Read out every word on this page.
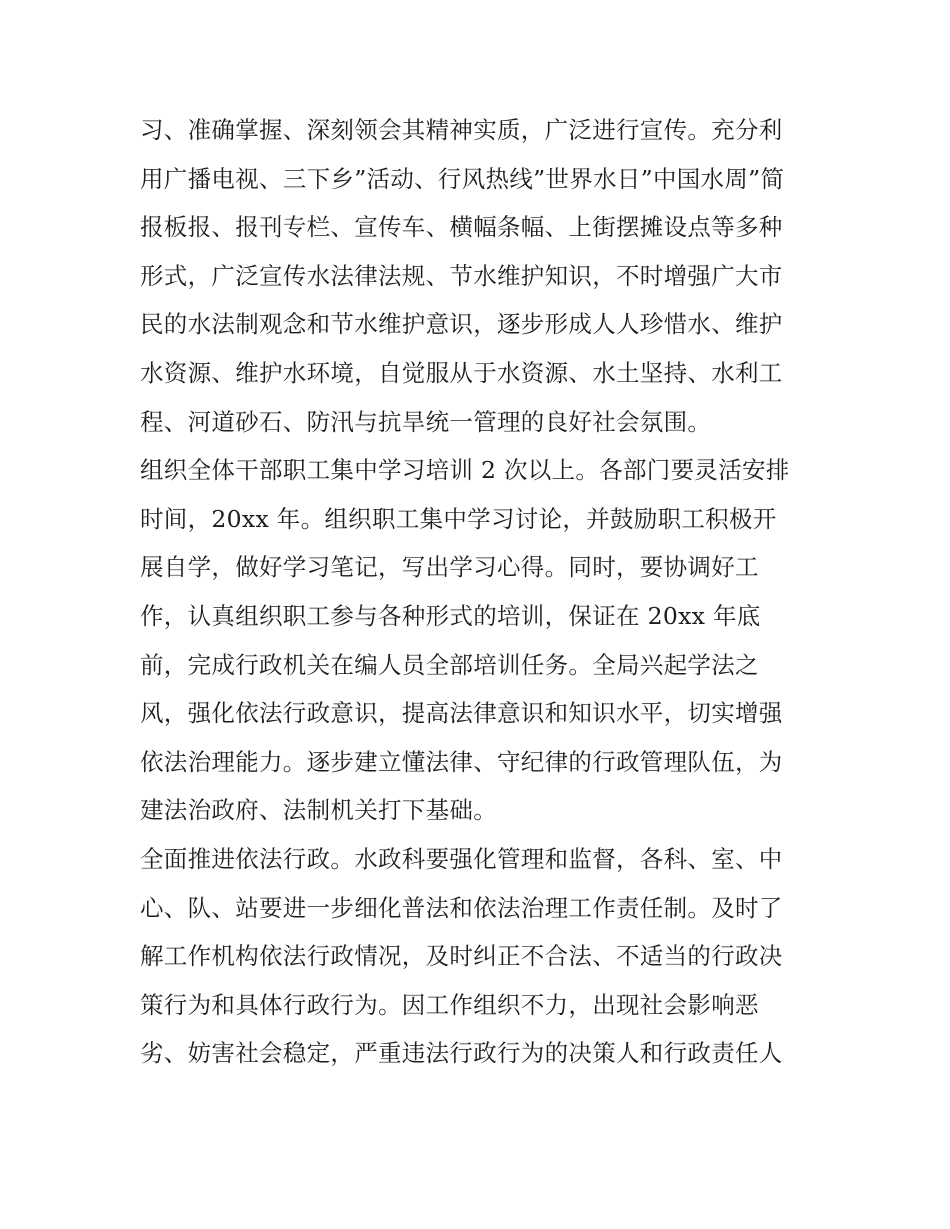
习、准确掌握、深刻领会其精神实质，广泛进行宣传。充分利
用广播电视、三下乡”活动、行风热线”世界水日”中国水周”简
报板报、报刊专栏、宣传车、横幅条幅、上街摆摊设点等多种
形式，广泛宣传水法律法规、节水维护知识，不时增强广大市
民的水法制观念和节水维护意识，逐步形成人人珍惜水、维护
水资源、维护水环境，自觉服从于水资源、水土坚持、水利工
程、河道砂石、防汛与抗旱统一管理的良好社会氛围。
组织全体干部职工集中学习培训 2 次以上。各部门要灵活安排
时间，20xx 年。组织职工集中学习讨论，并鼓励职工积极开
展自学，做好学习笔记，写出学习心得。同时，要协调好工
作，认真组织职工参与各种形式的培训，保证在 20xx 年底
前，完成行政机关在编人员全部培训任务。全局兴起学法之
风，强化依法行政意识，提高法律意识和知识水平，切实增强
依法治理能力。逐步建立懂法律、守纪律的行政管理队伍，为
建法治政府、法制机关打下基础。
全面推进依法行政。水政科要强化管理和监督，各科、室、中
心、队、站要进一步细化普法和依法治理工作责任制。及时了
解工作机构依法行政情况，及时纠正不合法、不适当的行政决
策行为和具体行政行为。因工作组织不力，出现社会影响恶
劣、妨害社会稳定，严重违法行政行为的决策人和行政责任人
